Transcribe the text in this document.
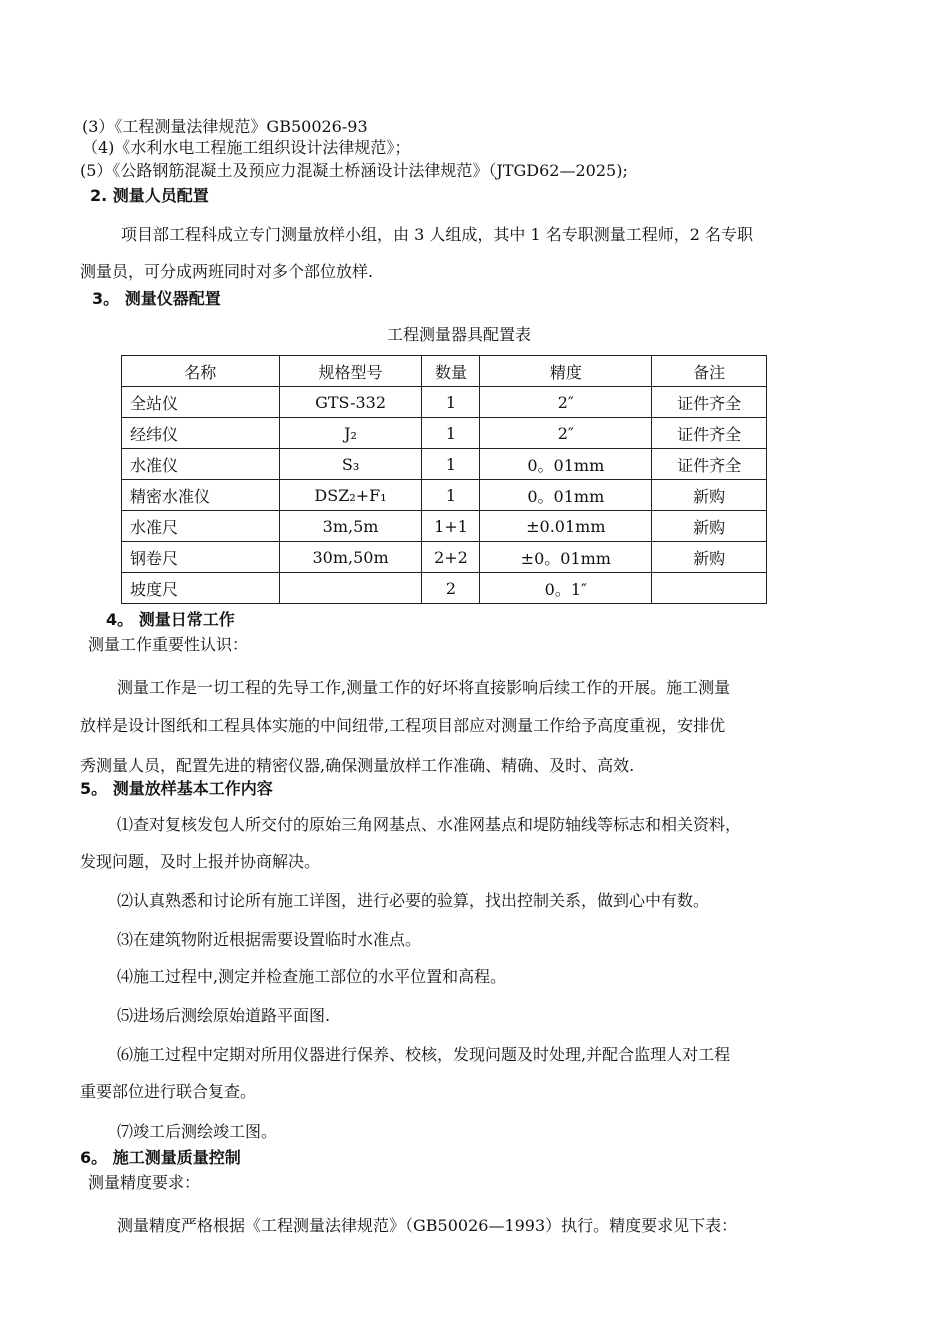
(3）《工程测量法律规范》GB50026-93
（4)《水利水电工程施工组织设计法律规范》；
(5）《公路钢筋混凝土及预应力混凝土桥涵设计法律规范》（JTGD62—2025);
2. 测量人员配置
项目部工程科成立专门测量放样小组，由 3 人组成，其中 1 名专职测量工程师，2 名专职
测量员，可分成两班同时对多个部位放样.
3。 测量仪器配置
工程测量器具配置表
名称	规格型号	数量	精度	备注
全站仪	GTS-332	1	2″	证件齐全
经纬仪	J₂	1	2″	证件齐全
水准仪	S₃	1	0。01mm	证件齐全
精密水准仪	DSZ₂+F₁	1	0。01mm	新购
水准尺	3m,5m	1+1	±0.01mm	新购
钢卷尺	30m,50m	2+2	±0。01mm	新购
坡度尺		2	0。1″	
4。 测量日常工作
测量工作重要性认识：
测量工作是一切工程的先导工作,测量工作的好坏将直接影响后续工作的开展。施工测量
放样是设计图纸和工程具体实施的中间纽带,工程项目部应对测量工作给予高度重视，安排优
秀测量人员，配置先进的精密仪器,确保测量放样工作准确、精确、及时、高效.
5。 测量放样基本工作内容
⑴查对复核发包人所交付的原始三角网基点、水准网基点和堤防轴线等标志和相关资料，
发现问题，及时上报并协商解决。
⑵认真熟悉和讨论所有施工详图，进行必要的验算，找出控制关系，做到心中有数。
⑶在建筑物附近根据需要设置临时水准点。
⑷施工过程中,测定并检查施工部位的水平位置和高程。
⑸进场后测绘原始道路平面图.
⑹施工过程中定期对所用仪器进行保养、校核，发现问题及时处理,并配合监理人对工程
重要部位进行联合复查。
⑺竣工后测绘竣工图。
6。 施工测量质量控制
测量精度要求：
测量精度严格根据《工程测量法律规范》（GB50026—1993）执行。精度要求见下表：
